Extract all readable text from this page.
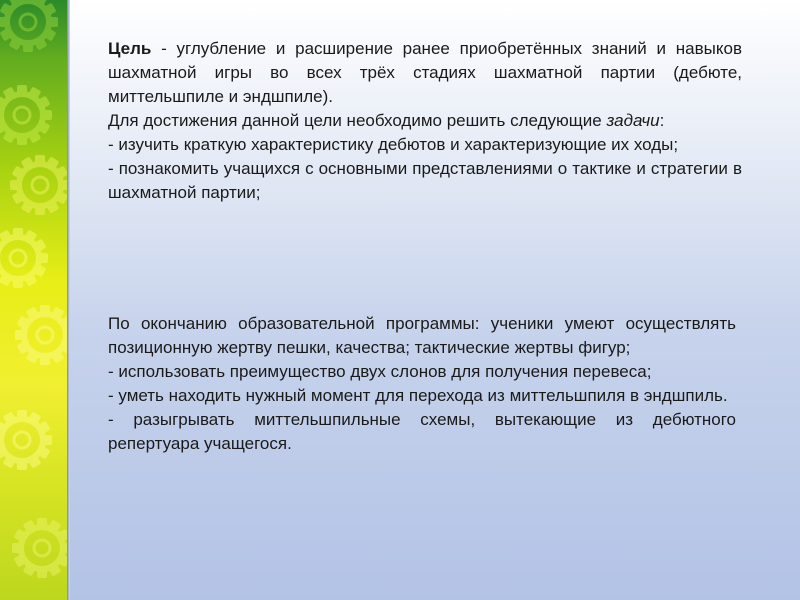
Цель - углубление и расширение ранее приобретённых знаний и навыков шахматной игры во всех трёх стадиях шахматной партии (дебюте, миттельшпиле и эндшпиле).

Для достижения данной цели необходимо решить следующие задачи:

- изучить краткую характеристику дебютов и характеризующие их ходы;

- познакомить учащихся с основными представлениями о тактике и стратегии в шахматной партии;

По окончанию образовательной программы: ученики умеют осуществлять позиционную жертву пешки, качества; тактические жертвы фигур;

- использовать преимущество двух слонов для получения перевеса;

- уметь находить нужный момент для перехода из миттельшпиля в эндшпиль.

- разыгрывать миттельшпильные схемы, вытекающие из дебютного репертуара учащегося.
